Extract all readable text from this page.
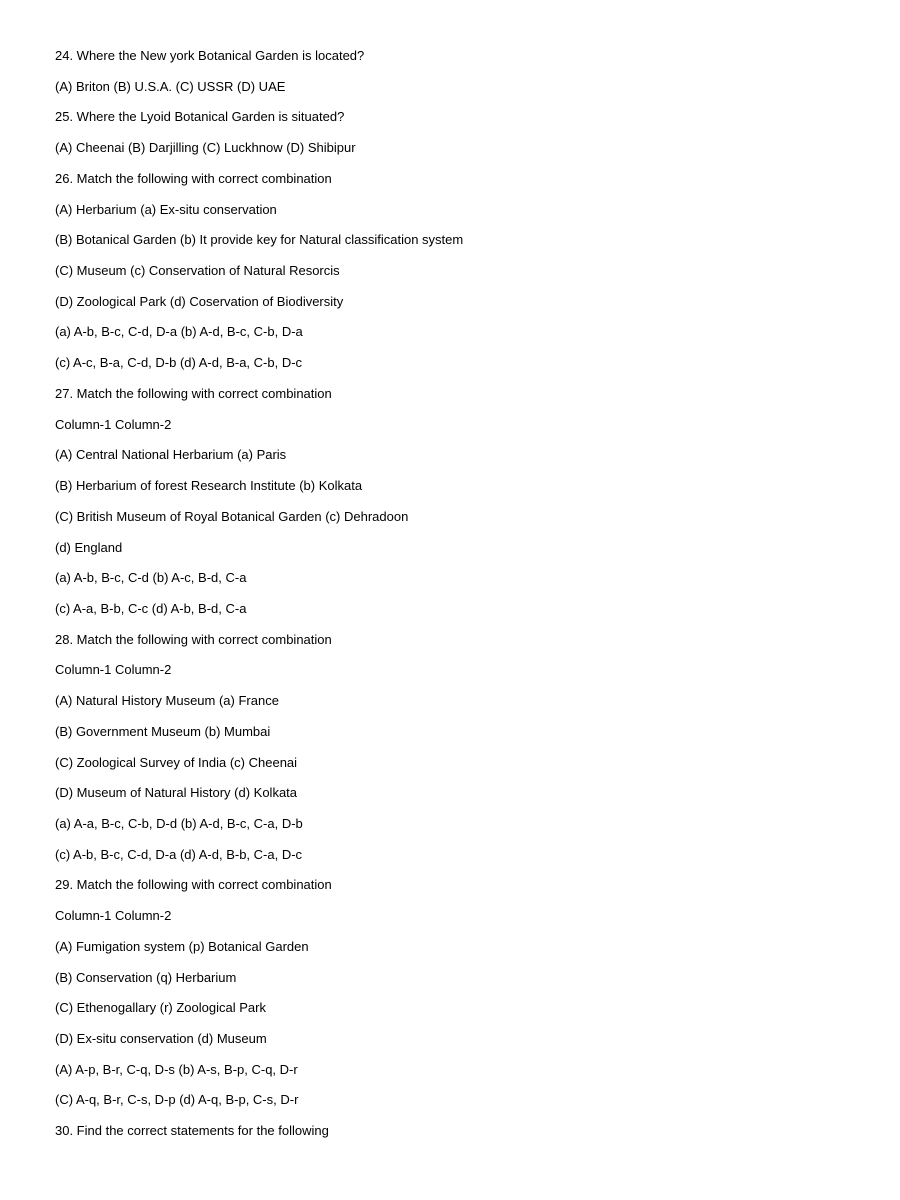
24. Where the New york Botanical Garden is located?
(A) Briton (B) U.S.A. (C) USSR (D) UAE
25. Where the Lyoid Botanical Garden is situated?
(A) Cheenai (B) Darjilling (C) Luckhnow (D) Shibipur
26. Match the following with correct combination
(A) Herbarium (a) Ex-situ conservation
(B) Botanical Garden (b) It provide key for Natural classification system
(C) Museum (c) Conservation of Natural Resorcis
(D) Zoological Park (d) Coservation of Biodiversity
(a) A-b, B-c, C-d, D-a (b) A-d, B-c, C-b, D-a
(c) A-c, B-a, C-d, D-b (d) A-d, B-a, C-b, D-c
27. Match the following with correct combination
Column-1 Column-2
(A) Central National Herbarium (a) Paris
(B) Herbarium of forest Research Institute (b) Kolkata
(C) British Museum of Royal Botanical Garden (c) Dehradoon
(d) England
(a) A-b, B-c, C-d (b) A-c, B-d, C-a
(c) A-a, B-b, C-c (d) A-b, B-d, C-a
28. Match the following with correct combination
Column-1 Column-2
(A) Natural History Museum (a) France
(B) Government Museum (b) Mumbai
(C) Zoological Survey of India (c) Cheenai
(D) Museum of Natural History (d) Kolkata
(a) A-a, B-c, C-b, D-d (b) A-d, B-c, C-a, D-b
(c) A-b, B-c, C-d, D-a (d) A-d, B-b, C-a, D-c
29. Match the following with correct combination
Column-1 Column-2
(A) Fumigation system (p) Botanical Garden
(B) Conservation (q) Herbarium
(C) Ethenogallary (r) Zoological Park
(D) Ex-situ conservation (d) Museum
(A) A-p, B-r, C-q, D-s (b) A-s, B-p, C-q, D-r
(C) A-q, B-r, C-s, D-p (d) A-q, B-p, C-s, D-r
30. Find the correct statements for the following
